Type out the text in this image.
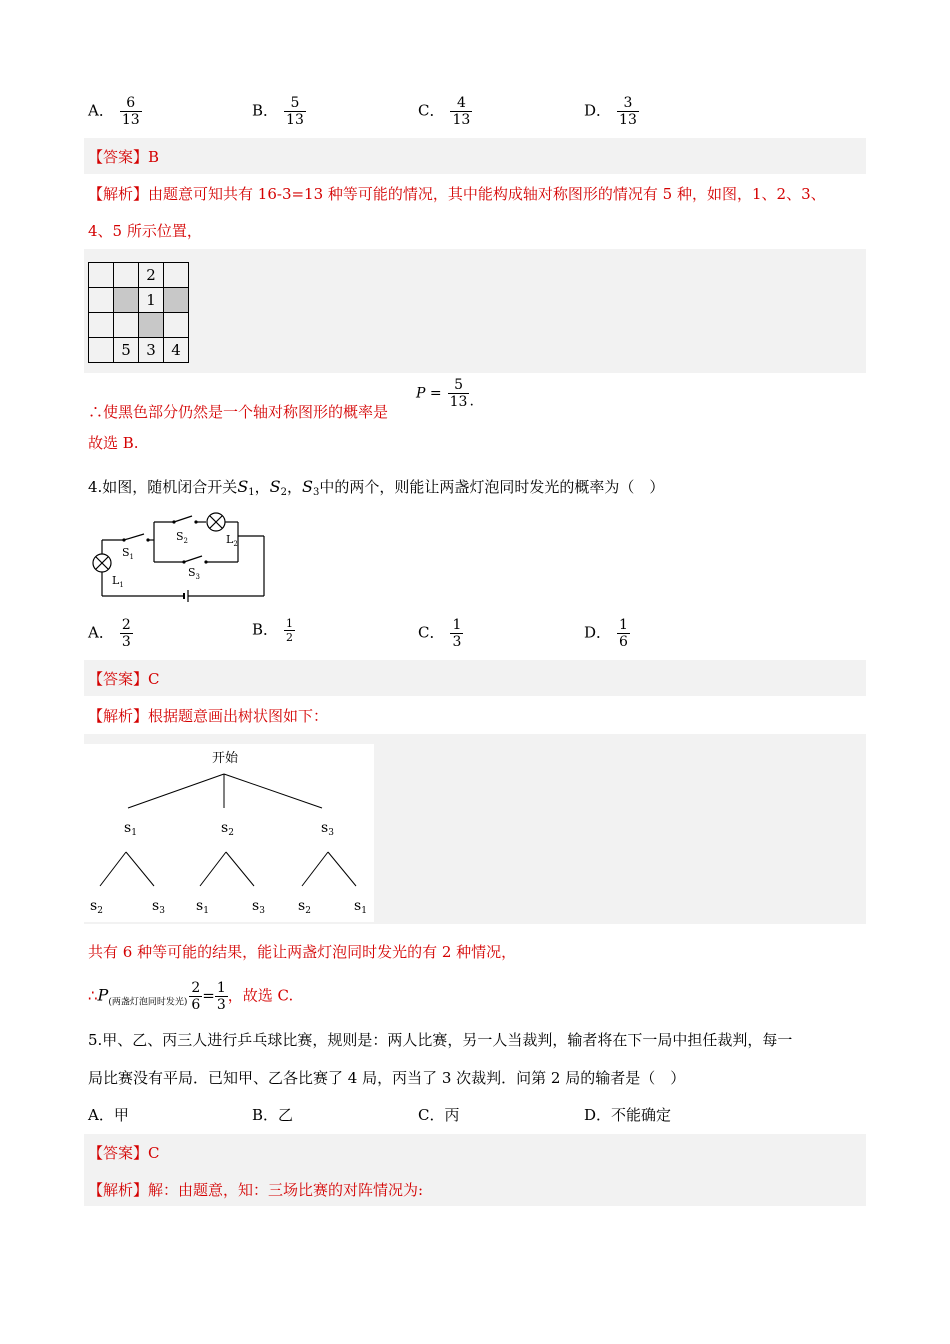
A． $\frac{6}{13}$	B． $\frac{5}{13}$	C． $\frac{4}{13}$	D． $\frac{3}{13}$
【答案】B
【解析】由题意可知共有 16-3=13 种等可能的情况，其中能构成轴对称图形的情况有 5 种，如图，1、2、3、
4、5 所示位置，
		2	
		1	

	5	3	4
∴使黑色部分仍然是一个轴对称图形的概率是
$P = \frac{5}{13}$ .
故选 B.
4.如图，随机闭合开关$S_1$，$S_2$，$S_3$中的两个，则能让两盏灯泡同时发光的概率为（　）
$S_1$
$S_2$
$S_3$
$L_2$
$L_1$
A． $\frac{2}{3}$	B． $\frac{1}{2}$	C． $\frac{1}{3}$	D． $\frac{1}{6}$
【答案】C
【解析】根据题意画出树状图如下：
开始
$s_1$	$s_2$	$s_3$
$s_2$	$s_3$ $s_1$	$s_3$ $s_2$	$s_1$
共有 6 种等可能的结果，能让两盏灯泡同时发光的有 2 种情况，
$\therefore P_{(两盏灯泡同时发光)} \frac{2}{6} = \frac{1}{3}$ ，故选 C.
5.甲、乙、丙三人进行乒乓球比赛，规则是：两人比赛，另一人当裁判，输者将在下一局中担任裁判，每一
局比赛没有平局．已知甲、乙各比赛了 4 局，丙当了 3 次裁判．问第 2 局的输者是（　）
A．甲	B．乙	C．丙	D．不能确定
【答案】C
【解析】解：由题意，知：三场比赛的对阵情况为:
